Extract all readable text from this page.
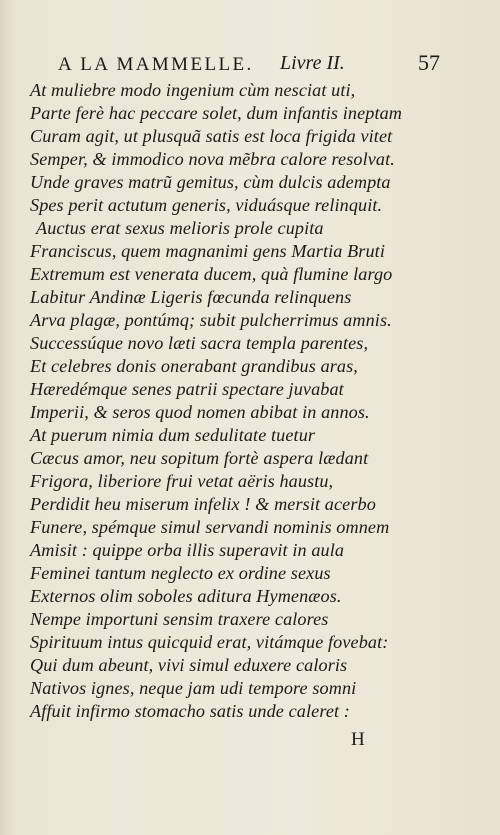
A LA MAMMELLE. Livre II.	57
At muliebre modo ingenium cùm nesciat uti,
Parte ferè hac peccare solet, dum infantis ineptam
Curam agit, ut plusquã satis est loca frigida vitet
Semper, & immodico nova mẽbra calore resolvat.
Unde graves matrũ gemitus, cùm dulcis adempta
Spes perit actutum generis, viduásque relinquit.
Auctus erat sexus melioris prole cupita
Franciscus, quem magnanimi gens Martia Bruti
Extremum est venerata ducem, quà flumine largo
Labitur Andinæ Ligeris fœcunda relinquens
Arva plagæ, pontúmq; subit pulcherrimus amnis.
Successúque novo læti sacra templa parentes,
Et celebres donis onerabant grandibus aras,
Hæredémque senes patrii spectare juvabat
Imperii, & seros quod nomen abibat in annos.
At puerum nimia dum sedulitate tuetur
Cæcus amor, neu sopitum fortè aspera lædant
Frigora, liberiore frui vetat aëris haustu,
Perdidit heu miserum infelix ! & mersit acerbo
Funere, spémque simul servandi nominis omnem
Amisit : quippe orba illis superavit in aula
Feminei tantum neglecto ex ordine sexus
Externos olim soboles aditura Hymenæos.
Nempe importuni sensim traxere calores
Spirituum intus quicquid erat, vitámque fovebat:
Qui dum abeunt, vivi simul eduxere caloris
Nativos ignes, neque jam udi tempore somni
Affuit infirmo stomacho satis unde caleret :
H
